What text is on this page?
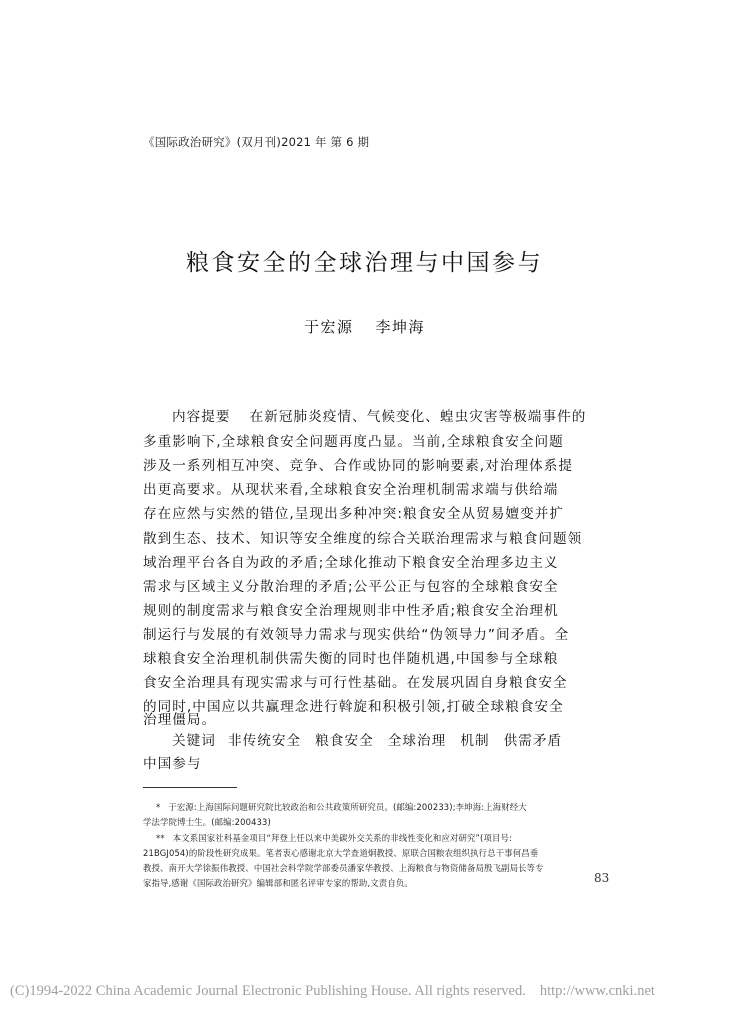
《国际政治研究》(双月刊)2021 年 第 6 期
粮食安全的全球治理与中国参与
于宏源 李坤海
内容提要 在新冠肺炎疫情、气候变化、蝗虫灾害等极端事件的
多重影响下,全球粮食安全问题再度凸显。当前,全球粮食安全问题
涉及一系列相互冲突、竞争、合作或协同的影响要素,对治理体系提
出更高要求。从现状来看,全球粮食安全治理机制需求端与供给端
存在应然与实然的错位,呈现出多种冲突:粮食安全从贸易嬗变并扩
散到生态、技术、知识等安全维度的综合关联治理需求与粮食问题领
域治理平台各自为政的矛盾;全球化推动下粮食安全治理多边主义
需求与区域主义分散治理的矛盾;公平公正与包容的全球粮食安全
规则的制度需求与粮食安全治理规则非中性矛盾;粮食安全治理机
制运行与发展的有效领导力需求与现实供给“伪领导力”间矛盾。全
球粮食安全治理机制供需失衡的同时也伴随机遇,中国参与全球粮
食安全治理具有现实需求与可行性基础。在发展巩固自身粮食安全
的同时,中国应以共赢理念进行斡旋和积极引领,打破全球粮食安全
治理僵局。
关键词 非传统安全 粮食安全 全球治理 机制 供需矛盾
中国参与
* 于宏源:上海国际问题研究院比较政治和公共政策所研究员。(邮编:200233);李坤海:上海财经大
学法学院博士生。(邮编:200433)
** 本文系国家社科基金项目“拜登上任以来中美碳外交关系的非线性变化和应对研究”(项目号:
21BGJ054)的阶段性研究成果。笔者衷心感谢北京大学查道炯教授、原联合国粮农组织执行总干事何昌垂
教授、南开大学徐振伟教授、中国社会科学院学部委员潘家华教授、上海粮食与物资储备局殷飞副局长等专
家指导,感谢《国际政治研究》编辑部和匿名评审专家的帮助,文责自负。	83
(C)1994-2022 China Academic Journal Electronic Publishing House. All rights reserved. http://www.cnki.net
